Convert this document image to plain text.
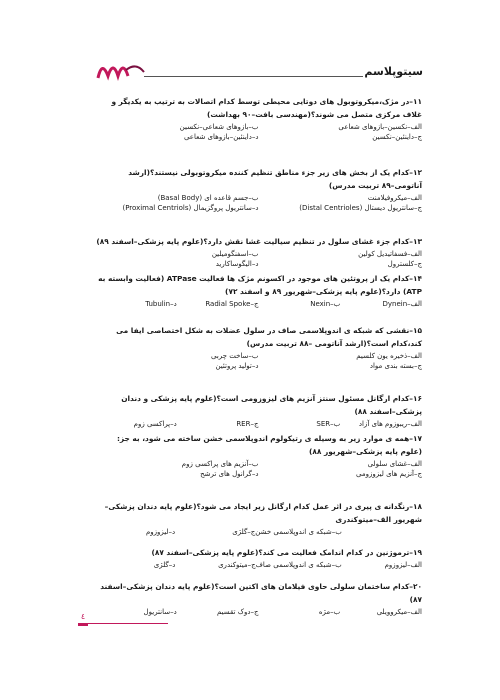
سیتوپلاسم
۱۱–در مژک،میکروتوبول های دوتایی محیطی توسط کدام اتصالات به ترتیب به یکدیگر و غلاف مرکزی متصل می شوند؟(مهندسی بافت–۹۰ بهداشت)
الف–نکسین–بازوهای شعاعی
ب–بازوهای شعاعی–نکسین
ج–داینئین–نکسین
د–داینئین–بازوهای شعاعی
۱۲–کدام یک از بخش های زیر جزء مناطق تنظیم کننده میکروتوبولی نیستند؟(ارشد آناتومی–۸۹ تربیت مدرس)
الف–میکروفیلامنت
ب–جسم قاعده ای (Basal Body)
ج–سانتریول دیستال (Distal Centrioles)
د–سانتریول پروگزیمال (Proximal Centriols)
۱۳–کدام جزء غشای سلول در تنظیم سیالیت غشا نقش دارد؟(علوم پایه پزشکی–اسفند ۸۹)
الف–فسفاتیدیل کولین
ب–اسفنگومیلین
ج–کلسترول
د–الیگوساکارید
۱۴–کدام یک از پروتئین های موجود در اکسونم مژک ها فعالیت ATPase (فعالیت وابسته به ATP) دارد؟(علوم پایه پزشکی–شهریور ۸۹ و اسفند ۷۲)
الف–Dynein
ب–Nexin
ج–Radial Spoke
د–Tubulin
۱۵–نقشی که شبکه ی اندوپلاسمی صاف در سلول عضلات به شکل اختصاصی ایفا می کند،کدام است؟(ارشد آناتومی –۸۸ تربیت مدرس)
الف–ذخیره یون کلسیم
ب–ساخت چربی
ج–بسته بندی مواد
د–تولید پروتئین
۱۶–کدام ارگانل مسئول سنتز آنزیم های لیزوزومی است؟(علوم پایه پزشکی و دندان پزشکی–اسفند ۸۸)
الف–ریبوزوم های آزاد
ب–SER
ج–RER
د–پراکسی زوم
۱۷–همه ی موارد زیر به وسیله ی رتیکولوم اندوپلاسمی خشن ساخته می شود، به جز: (علوم پایه پزشکی–شهریور ۸۸)
الف–غشای سلولی
ب–آنزیم های پراکسی زوم
ج–آنزیم های لیزوزومی
د–گرانول های ترشح
۱۸–رنگدانه ی پیری در اثر عمل کدام ارگانل زیر ایجاد می شود؟(علوم پایه دندان پزشکی–شهریور الف–میتوکندری
ب–شبکه ی اندوپلاسمی خشن
ج–گلژی
د–لیزوزوم
۱۹–ترموژنین در کدام اندامک فعالیت می کند؟(علوم پایه پزشکی–اسفند ۸۷)
الف–لیزوزوم
ب–شبکه ی اندوپلاسمی صاف
ج–میتوکندری
د–گلژی
۲۰–کدام ساختمان سلولی حاوی فیلامان های اکتین است؟(علوم پایه دندان پزشکی–اسفند ۸۷)
الف–میکروویلی
ب–مژه
ج–دوک تقسیم
د–سانتریول
٤
